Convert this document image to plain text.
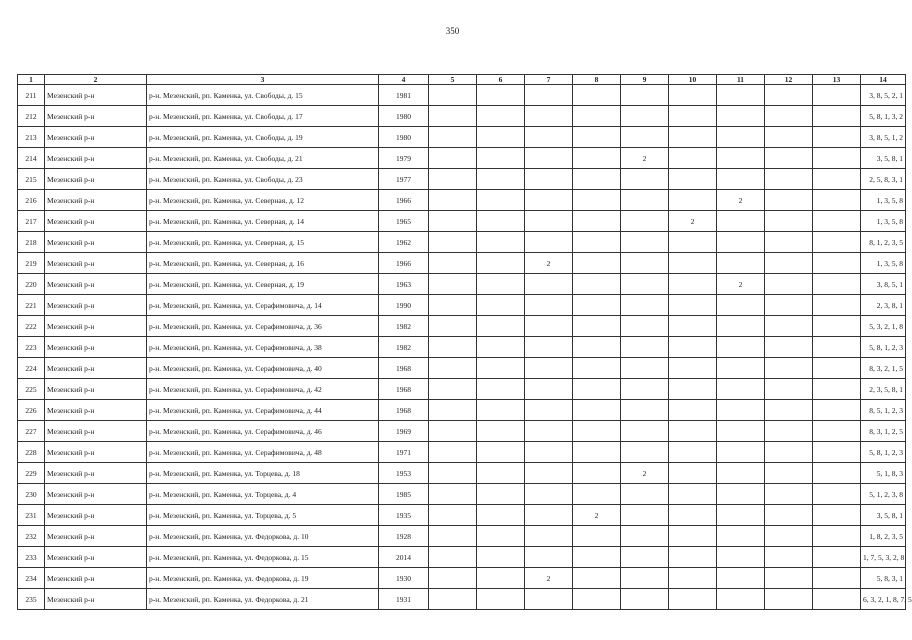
350
1	2	3	4	5	6	7	8	9	10	11	12	13	14
211	Мезенский р-н	р-н. Мезенский, рп. Каменка, ул. Свободы, д. 15	1981										3, 8, 5, 2, 1
212	Мезенский р-н	р-н. Мезенский, рп. Каменка, ул. Свободы, д. 17	1980										5, 8, 1, 3, 2
213	Мезенский р-н	р-н. Мезенский, рп. Каменка, ул. Свободы, д. 19	1980										3, 8, 5, 1, 2
214	Мезенский р-н	р-н. Мезенский, рп. Каменка, ул. Свободы, д. 21	1979					2					3, 5, 8, 1
215	Мезенский р-н	р-н. Мезенский, рп. Каменка, ул. Свободы, д. 23	1977										2, 5, 8, 3, 1
216	Мезенский р-н	р-н. Мезенский, рп. Каменка, ул. Северная, д. 12	1966							2			1, 3, 5, 8
217	Мезенский р-н	р-н. Мезенский, рп. Каменка, ул. Северная, д. 14	1965						2				1, 3, 5, 8
218	Мезенский р-н	р-н. Мезенский, рп. Каменка, ул. Северная, д. 15	1962										8, 1, 2, 3, 5
219	Мезенский р-н	р-н. Мезенский, рп. Каменка, ул. Северная, д. 16	1966			2							1, 3, 5, 8
220	Мезенский р-н	р-н. Мезенский, рп. Каменка, ул. Северная, д. 19	1963							2			3, 8, 5, 1
221	Мезенский р-н	р-н. Мезенский, рп. Каменка, ул. Серафимовича, д. 14	1990										2, 3, 8, 1
222	Мезенский р-н	р-н. Мезенский, рп. Каменка, ул. Серафимовича, д. 36	1982										5, 3, 2, 1, 8
223	Мезенский р-н	р-н. Мезенский, рп. Каменка, ул. Серафимовича, д. 38	1982										5, 8, 1, 2, 3
224	Мезенский р-н	р-н. Мезенский, рп. Каменка, ул. Серафимовича, д. 40	1968										8, 3, 2, 1, 5
225	Мезенский р-н	р-н. Мезенский, рп. Каменка, ул. Серафимовича, д. 42	1968										2, 3, 5, 8, 1
226	Мезенский р-н	р-н. Мезенский, рп. Каменка, ул. Серафимовича, д. 44	1968										8, 5, 1, 2, 3
227	Мезенский р-н	р-н. Мезенский, рп. Каменка, ул. Серафимовича, д. 46	1969										8, 3, 1, 2, 5
228	Мезенский р-н	р-н. Мезенский, рп. Каменка, ул. Серафимовича, д. 48	1971										5, 8, 1, 2, 3
229	Мезенский р-н	р-н. Мезенский, рп. Каменка, ул. Торцева, д. 18	1953					2					5, 1, 8, 3
230	Мезенский р-н	р-н. Мезенский, рп. Каменка, ул. Торцева, д. 4	1985										5, 1, 2, 3, 8
231	Мезенский р-н	р-н. Мезенский, рп. Каменка, ул. Торцева, д. 5	1935				2						3, 5, 8, 1
232	Мезенский р-н	р-н. Мезенский, рп. Каменка, ул. Федоркова, д. 10	1928										1, 8, 2, 3, 5
233	Мезенский р-н	р-н. Мезенский, рп. Каменка, ул. Федоркова, д. 15	2014										1, 7, 5, 3, 2, 8
234	Мезенский р-н	р-н. Мезенский, рп. Каменка, ул. Федоркова, д. 19	1930			2							5, 8, 3, 1
235	Мезенский р-н	р-н. Мезенский, рп. Каменка, ул. Федоркова, д. 21	1931										6, 3, 2, 1, 8, 7, 5
